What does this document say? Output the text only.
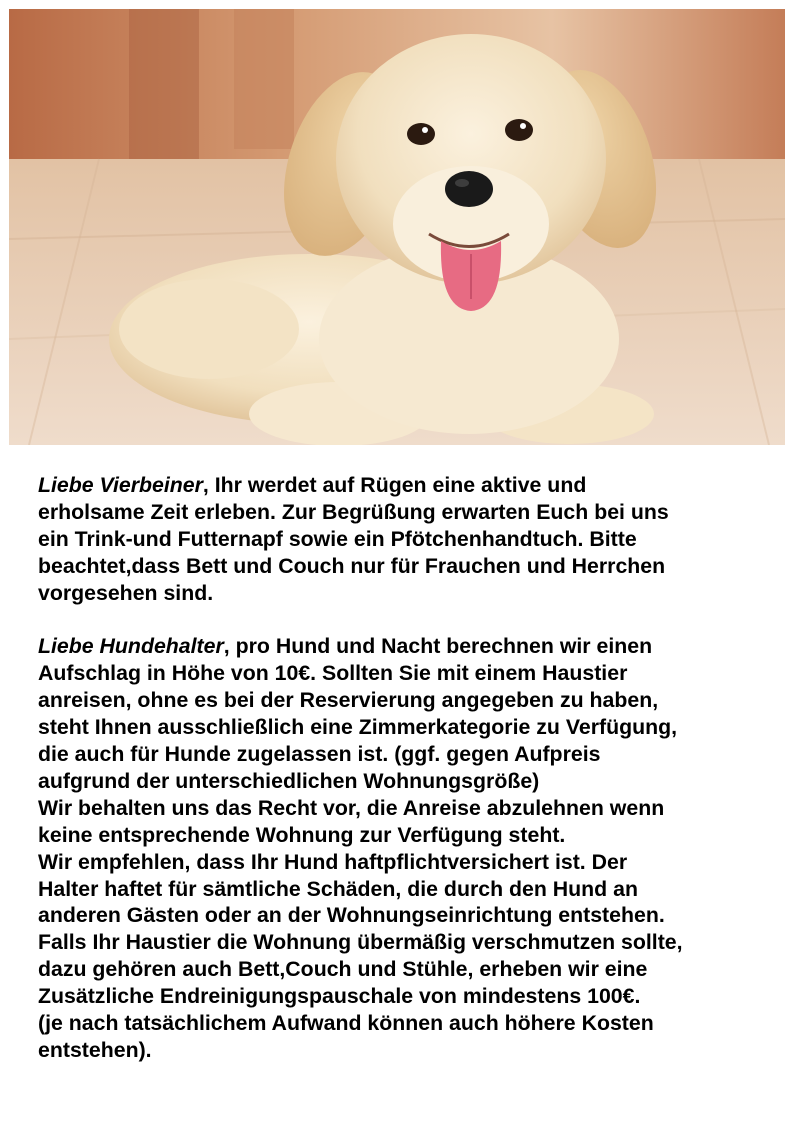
Liebe Vierbeiner, Ihr werdet auf Rügen eine aktive und
erholsame Zeit erleben. Zur Begrüßung erwarten Euch bei uns
ein Trink-und Futternapf sowie ein Pfötchenhandtuch. Bitte
beachtet,dass Bett und Couch nur für Frauchen und Herrchen
vorgesehen sind.

Liebe Hundehalter, pro Hund und Nacht berechnen wir einen
Aufschlag in Höhe von 10€. Sollten Sie mit einem Haustier
anreisen, ohne es bei der Reservierung angegeben zu haben,
steht Ihnen ausschließlich eine Zimmerkategorie zu Verfügung,
die auch für Hunde zugelassen ist. (ggf. gegen Aufpreis
aufgrund der unterschiedlichen Wohnungsgröße)
Wir behalten uns das Recht vor, die Anreise abzulehnen wenn
keine entsprechende Wohnung zur Verfügung steht.
Wir empfehlen, dass Ihr Hund haftpflichtversichert ist. Der
Halter haftet für sämtliche Schäden, die durch den Hund an
anderen Gästen oder an der Wohnungseinrichtung entstehen.
Falls Ihr Haustier die Wohnung übermäßig verschmutzen sollte,
dazu gehören auch Bett,Couch und Stühle, erheben wir eine
Zusätzliche Endreinigungspauschale von mindestens 100€.
(je nach tatsächlichem Aufwand können auch höhere Kosten
entstehen).
